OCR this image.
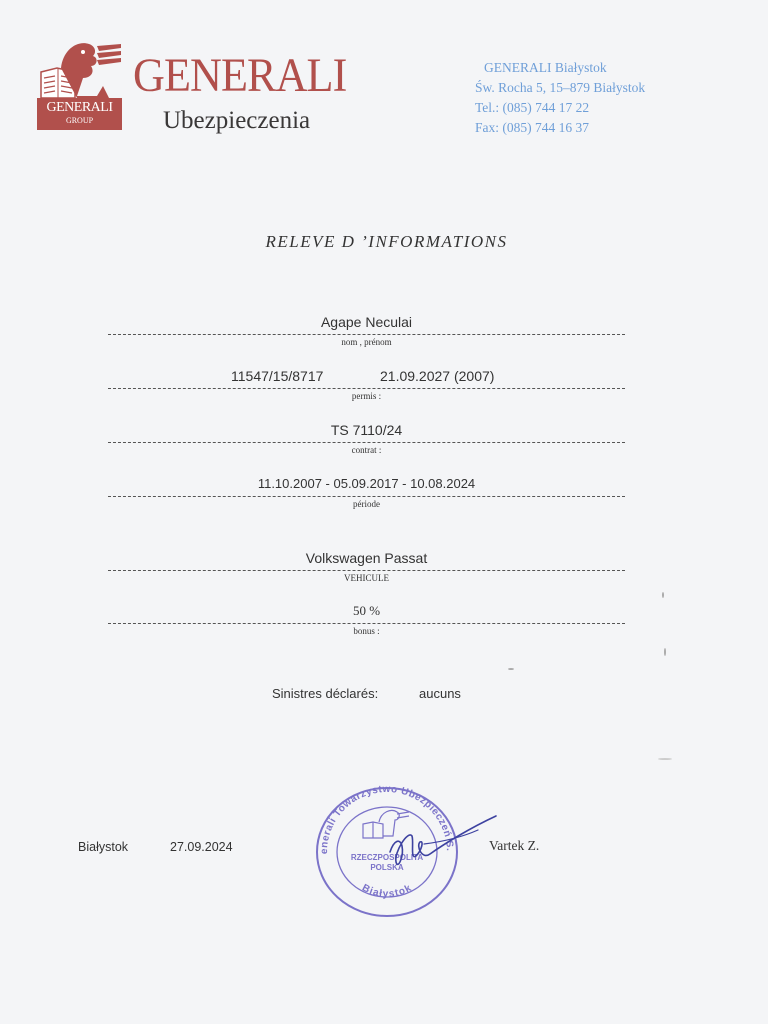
GENERALI
GROUP
GENERALI
Ubezpieczenia
GENERALI Białystok
Św. Rocha 5, 15–879 Białystok
Tel.: (085) 744 17 22
Fax: (085) 744 16 37
RELEVE D ’INFORMATIONS
Agape Neculai
nom , prénom
11547/15/8717	21.09.2027 (2007)
permis :
TS 7110/24
contrat :
11.10.2007 - 05.09.2017 - 10.08.2024
période
Volkswagen Passat
VEHICULE
50 %
bonus :
Sinistres déclarés:	aucuns
Białystok	27.09.2024	Vartek Z.
enerali Towarzystwo Ubezpieczeń S.
Białystok
RZECZPOSPOLITA
POLSKA
